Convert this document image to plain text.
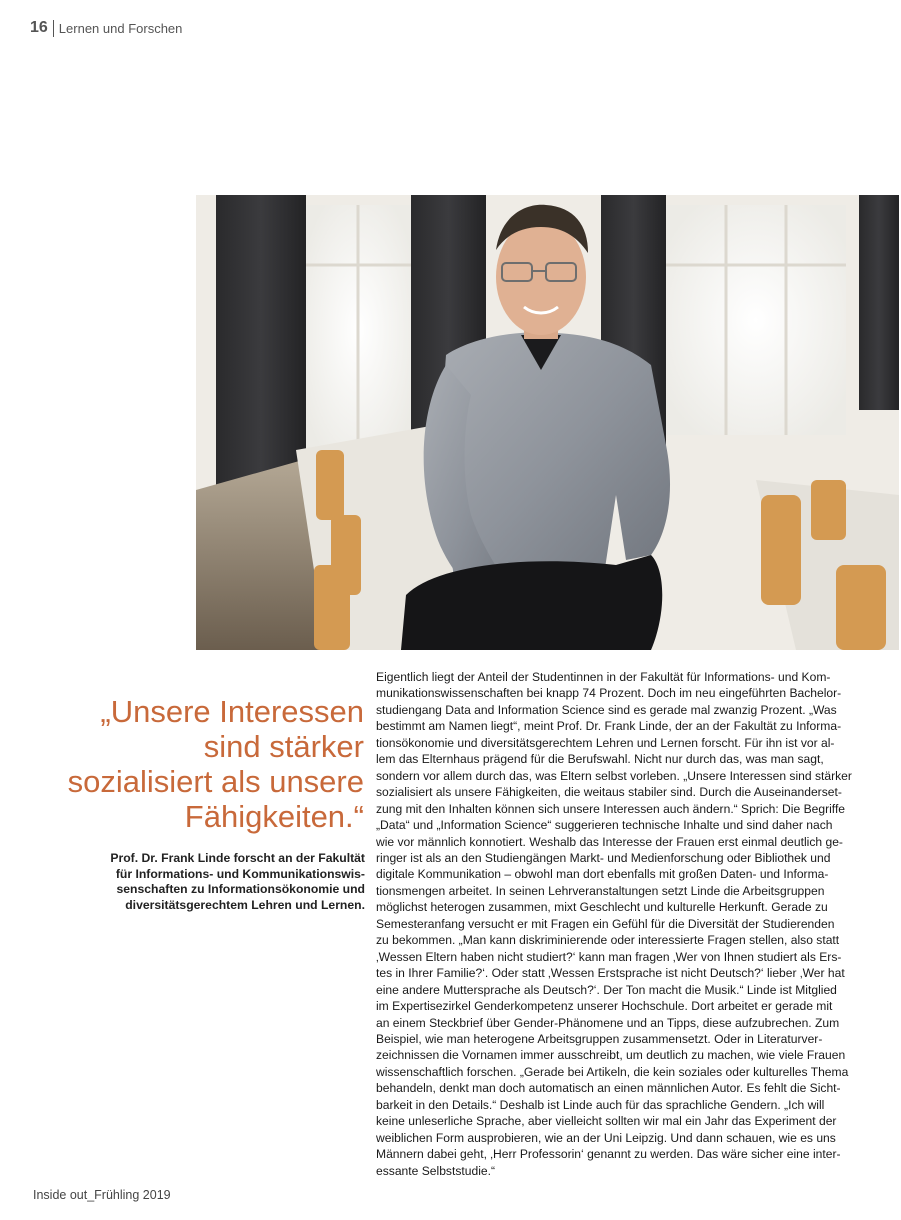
16 Lernen und Forschen
„Unsere Interessen
sind stärker
sozialisiert als unsere
Fähigkeiten.“
Prof. Dr. Frank Linde forscht an der Fakultät
für Informations- und Kommunikationswis-
senschaften zu Informationsökonomie und
diversitätsgerechtem Lehren und Lernen.
Eigentlich liegt der Anteil der Studentinnen in der Fakultät für Informations- und Kom-
munikationswissenschaften bei knapp 74 Prozent. Doch im neu eingeführten Bachelor-
studiengang Data and Information Science sind es gerade mal zwanzig Prozent. „Was
bestimmt am Namen liegt“, meint Prof. Dr. Frank Linde, der an der Fakultät zu Informa-
tionsökonomie und diversitätsgerechtem Lehren und Lernen forscht. Für ihn ist vor al-
lem das Elternhaus prägend für die Berufswahl. Nicht nur durch das, was man sagt,
sondern vor allem durch das, was Eltern selbst vorleben. „Unsere Interessen sind stärker
sozialisiert als unsere Fähigkeiten, die weitaus stabiler sind. Durch die Auseinanderset-
zung mit den Inhalten können sich unsere Interessen auch ändern.“ Sprich: Die Begriffe
„Data“ und „Information Science“ suggerieren technische Inhalte und sind daher nach
wie vor männlich konnotiert. Weshalb das Interesse der Frauen erst einmal deutlich ge-
ringer ist als an den Studiengängen Markt- und Medienforschung oder Bibliothek und
digitale Kommunikation – obwohl man dort ebenfalls mit großen Daten- und Informa-
tionsmengen arbeitet. In seinen Lehrveranstaltungen setzt Linde die Arbeitsgruppen
möglichst heterogen zusammen, mixt Geschlecht und kulturelle Herkunft. Gerade zu
Semesteranfang versucht er mit Fragen ein Gefühl für die Diversität der Studierenden
zu bekommen. „Man kann diskriminierende oder interessierte Fragen stellen, also statt
‚Wessen Eltern haben nicht studiert?‘ kann man fragen ‚Wer von Ihnen studiert als Ers-
tes in Ihrer Familie?‘. Oder statt ‚Wessen Erstsprache ist nicht Deutsch?‘ lieber ‚Wer hat
eine andere Muttersprache als Deutsch?‘. Der Ton macht die Musik.“ Linde ist Mitglied
im Expertisezirkel Genderkompetenz unserer Hochschule. Dort arbeitet er gerade mit
an einem Steckbrief über Gender-Phänomene und an Tipps, diese aufzubrechen. Zum
Beispiel, wie man heterogene Arbeitsgruppen zusammensetzt. Oder in Literaturver-
zeichnissen die Vornamen immer ausschreibt, um deutlich zu machen, wie viele Frauen
wissenschaftlich forschen. „Gerade bei Artikeln, die kein soziales oder kulturelles Thema
behandeln, denkt man doch automatisch an einen männlichen Autor. Es fehlt die Sicht-
barkeit in den Details.“ Deshalb ist Linde auch für das sprachliche Gendern. „Ich will
keine unleserliche Sprache, aber vielleicht sollten wir mal ein Jahr das Experiment der
weiblichen Form ausprobieren, wie an der Uni Leipzig. Und dann schauen, wie es uns
Männern dabei geht, ‚Herr Professorin‘ genannt zu werden. Das wäre sicher eine inter-
essante Selbststudie.“
Inside out_Frühling 2019
